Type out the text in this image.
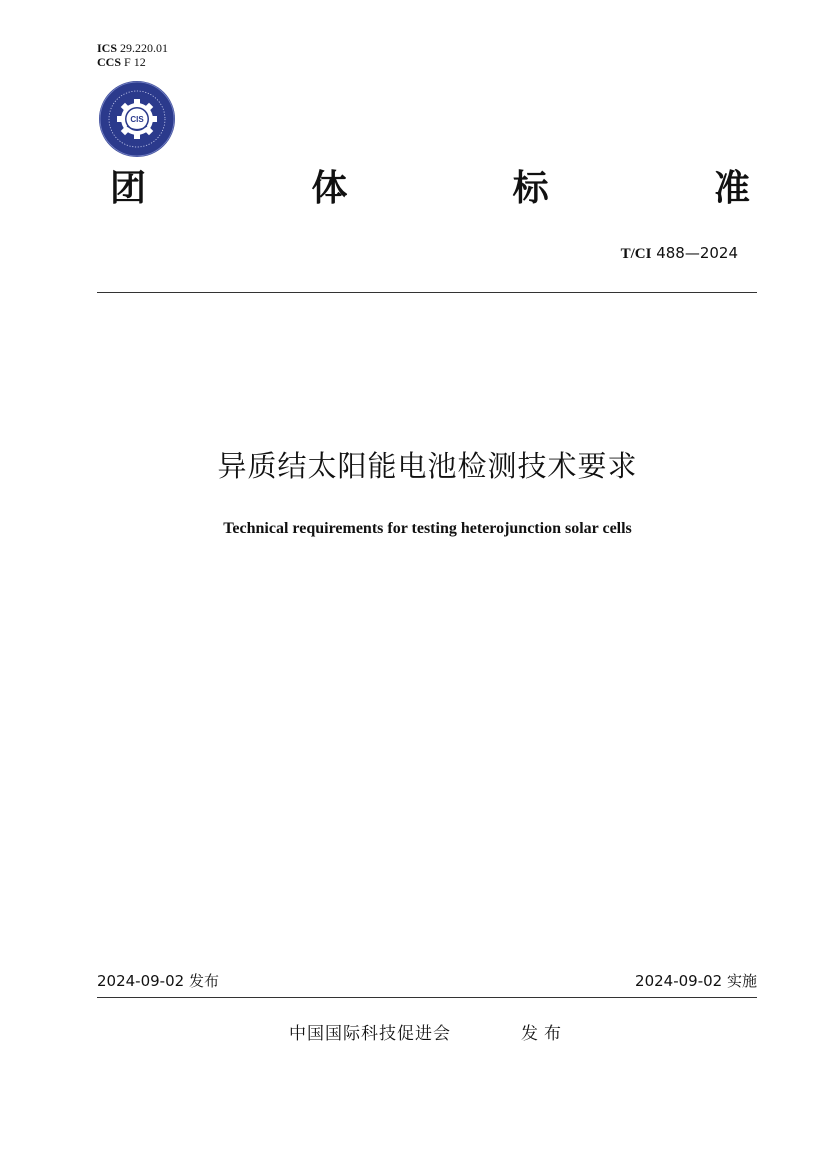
ICS 29.220.01
CCS F 12
CIS
团	体	标	准
T/CI 488—2024
异质结太阳能电池检测技术要求
Technical requirements for testing heterojunction solar cells
2024-09-02 发布	2024-09-02 实施
中国国际科技促进会	发布
